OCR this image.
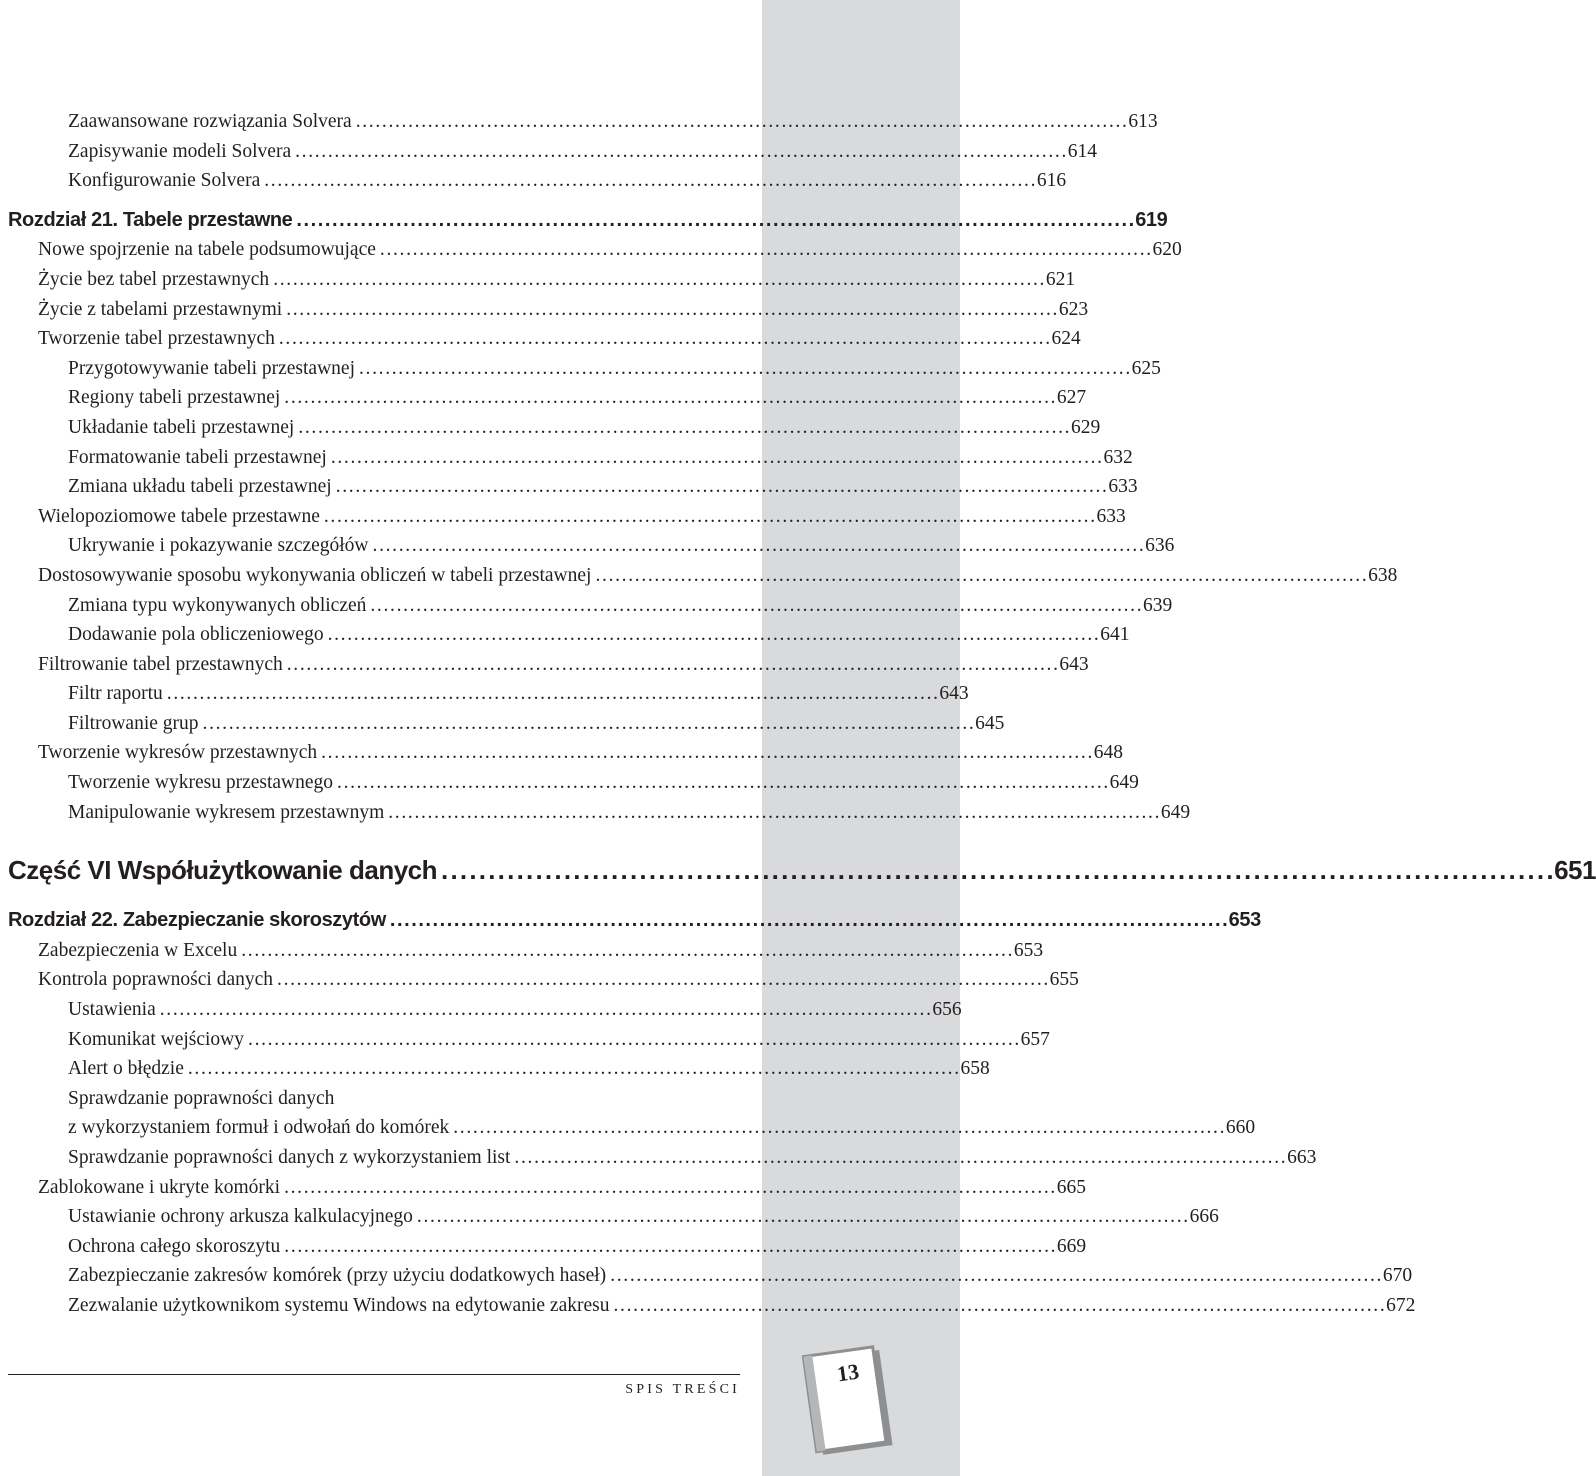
Zaawansowane rozwiązania Solvera . . .	613
Zapisywanie modeli Solvera . . .	614
Konfigurowanie Solvera . . .	616
Rozdział 21. Tabele przestawne . . .	619
Nowe spojrzenie na tabele podsumowujące . . .	620
Życie bez tabel przestawnych . . .	621
Życie z tabelami przestawnymi . . .	623
Tworzenie tabel przestawnych . . .	624
Przygotowywanie tabeli przestawnej . . .	625
Regiony tabeli przestawnej . . .	627
Układanie tabeli przestawnej . . .	629
Formatowanie tabeli przestawnej . . .	632
Zmiana układu tabeli przestawnej . . .	633
Wielopoziomowe tabele przestawne . . .	633
Ukrywanie i pokazywanie szczegółów . . .	636
Dostosowywanie sposobu wykonywania obliczeń w tabeli przestawnej . . .	638
Zmiana typu wykonywanych obliczeń . . .	639
Dodawanie pola obliczeniowego . . .	641
Filtrowanie tabel przestawnych . . .	643
Filtr raportu . . .	643
Filtrowanie grup . . .	645
Tworzenie wykresów przestawnych . . .	648
Tworzenie wykresu przestawnego . . .	649
Manipulowanie wykresem przestawnym . . .	649
Część VI Współużytkowanie danych . . .	651
Rozdział 22. Zabezpieczanie skoroszytów . . .	653
Zabezpieczenia w Excelu . . .	653
Kontrola poprawności danych . . .	655
Ustawienia . . .	656
Komunikat wejściowy . . .	657
Alert o błędzie . . .	658
Sprawdzanie poprawności danych
z wykorzystaniem formuł i odwołań do komórek . . .	660
Sprawdzanie poprawności danych z wykorzystaniem list . . .	663
Zablokowane i ukryte komórki . . .	665
Ustawianie ochrony arkusza kalkulacyjnego . . .	666
Ochrona całego skoroszytu . . .	669
Zabezpieczanie zakresów komórek (przy użyciu dodatkowych haseł) . . .	670
Zezwalanie użytkownikom systemu Windows na edytowanie zakresu . . .	672
SPIS TREŚCI
13
